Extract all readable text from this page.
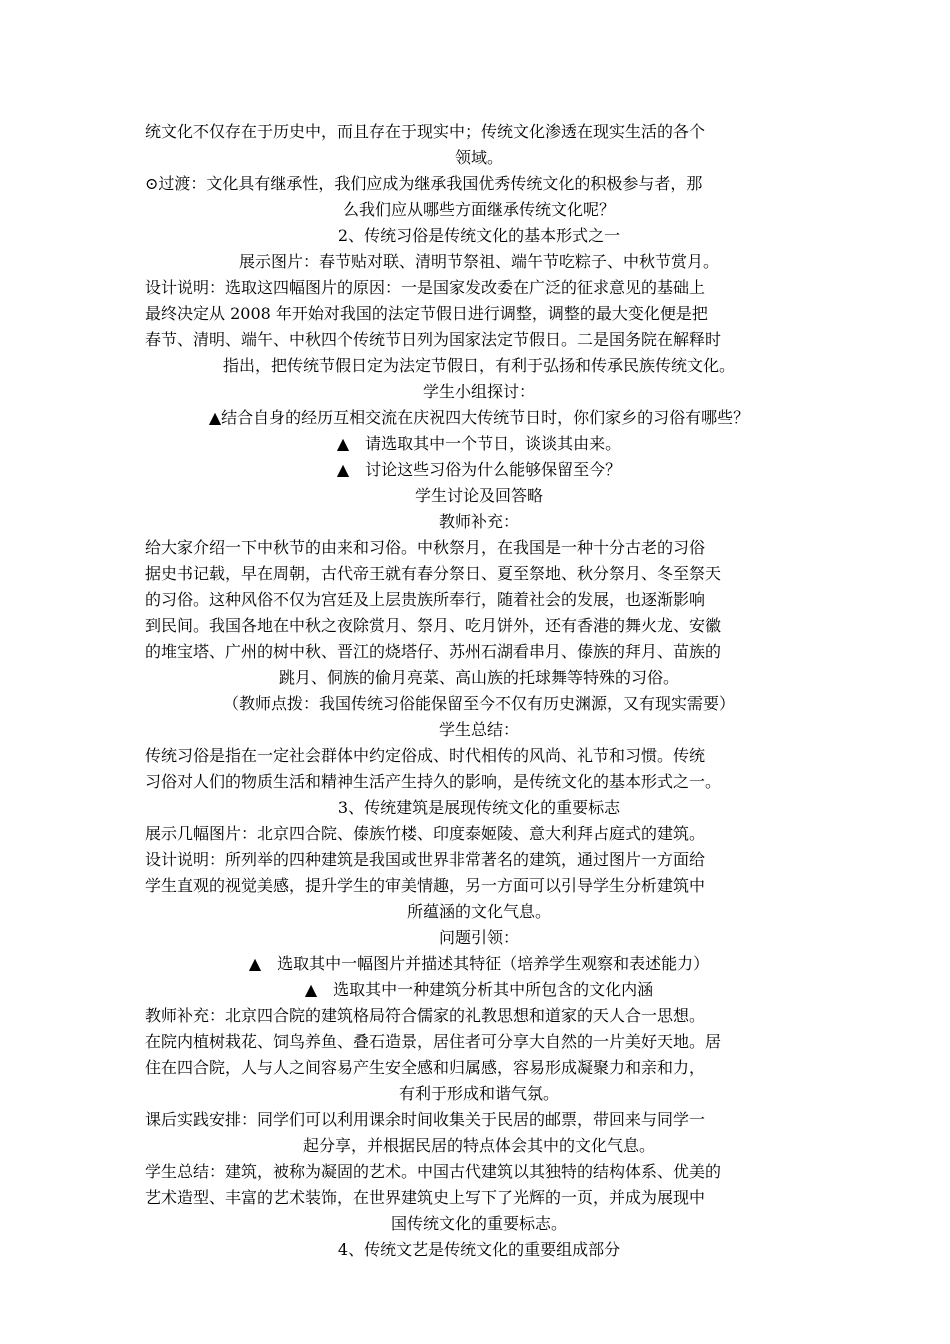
统文化不仅存在于历史中，而且存在于现实中；传统文化渗透在现实生活的各个
领域。

⊙过渡：文化具有继承性，我们应成为继承我国优秀传统文化的积极参与者，那
么我们应从哪些方面继承传统文化呢？

2、传统习俗是传统文化的基本形式之一

展示图片：春节贴对联、清明节祭祖、端午节吃粽子、中秋节赏月。

设计说明：选取这四幅图片的原因：一是国家发改委在广泛的征求意见的基础上
最终决定从 2008 年开始对我国的法定节假日进行调整，调整的最大变化便是把
春节、清明、端午、中秋四个传统节日列为国家法定节假日。二是国务院在解释时
指出，把传统节假日定为法定节假日，有利于弘扬和传承民族传统文化。

学生小组探讨：

▲结合自身的经历互相交流在庆祝四大传统节日时，你们家乡的习俗有哪些？

▲　请选取其中一个节日，谈谈其由来。

▲　讨论这些习俗为什么能够保留至今？

学生讨论及回答略

教师补充：

给大家介绍一下中秋节的由来和习俗。中秋祭月，在我国是一种十分古老的习俗
据史书记载，早在周朝，古代帝王就有春分祭日、夏至祭地、秋分祭月、冬至祭天
的习俗。这种风俗不仅为宫廷及上层贵族所奉行，随着社会的发展，也逐渐影响
到民间。我国各地在中秋之夜除赏月、祭月、吃月饼外，还有香港的舞火龙、安徽
的堆宝塔、广州的树中秋、晋江的烧塔仔、苏州石湖看串月、傣族的拜月、苗族的
跳月、侗族的偷月亮菜、高山族的托球舞等特殊的习俗。

（教师点拨：我国传统习俗能保留至今不仅有历史渊源，又有现实需要）

学生总结：

传统习俗是指在一定社会群体中约定俗成、时代相传的风尚、礼节和习惯。传统
习俗对人们的物质生活和精神生活产生持久的影响，是传统文化的基本形式之一。

3、传统建筑是展现传统文化的重要标志

展示几幅图片：北京四合院、傣族竹楼、印度泰姬陵、意大利拜占庭式的建筑。

设计说明：所列举的四种建筑是我国或世界非常著名的建筑，通过图片一方面给
学生直观的视觉美感，提升学生的审美情趣，另一方面可以引导学生分析建筑中
所蕴涵的文化气息。

问题引领：

▲　选取其中一幅图片并描述其特征（培养学生观察和表述能力）

▲　选取其中一种建筑分析其中所包含的文化内涵

教师补充：北京四合院的建筑格局符合儒家的礼教思想和道家的天人合一思想。
在院内植树栽花、饲鸟养鱼、叠石造景，居住者可分享大自然的一片美好天地。居
住在四合院，人与人之间容易产生安全感和归属感，容易形成凝聚力和亲和力，
有利于形成和谐气氛。

课后实践安排：同学们可以利用课余时间收集关于民居的邮票，带回来与同学一
起分享，并根据民居的特点体会其中的文化气息。

学生总结：建筑，被称为凝固的艺术。中国古代建筑以其独特的结构体系、优美的
艺术造型、丰富的艺术装饰，在世界建筑史上写下了光辉的一页，并成为展现中
国传统文化的重要标志。

4、传统文艺是传统文化的重要组成部分
